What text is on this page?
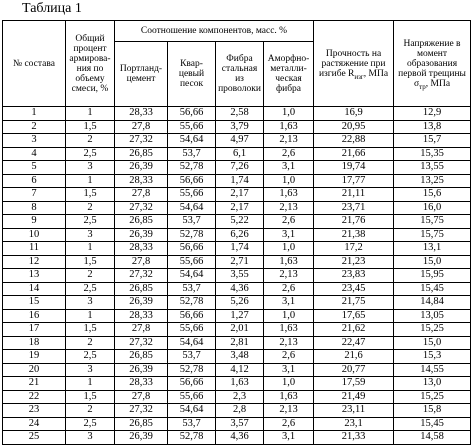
Таблица 1
№ состава	Общий процент армирова-ния по объему смеси, %	Соотношение компонентов, масс. %				Прочность на растяжение при изгибе $R_{изг}$, МПа	Напряжение в момент образования первой трещины $\sigma_{тр}$, МПа
		Портланд-цемент	Квар-цевый песок	Фибра стальная из проволоки	Аморфно-металли-ческая фибра		
1	1	28,33	56,66	2,58	1,0	16,9	12,9
2	1,5	27,8	55,66	3,79	1,63	20,95	13,8
3	2	27,32	54,64	4,97	2,13	22,88	15,7
4	2,5	26,85	53,7	6,1	2,6	21,66	15,35
5	3	26,39	52,78	7,26	3,1	19,74	13,55
6	1	28,33	56,66	1,74	1,0	17,77	13,25
7	1,5	27,8	55,66	2,17	1,63	21,11	15,6
8	2	27,32	54,64	2,17	2,13	23,71	16,0
9	2,5	26,85	53,7	5,22	2,6	21,76	15,75
10	3	26,39	52,78	6,26	3,1	21,38	15,75
11	1	28,33	56,66	1,74	1,0	17,2	13,1
12	1,5	27,8	55,66	2,71	1,63	21,23	15,0
13	2	27,32	54,64	3,55	2,13	23,83	15,95
14	2,5	26,85	53,7	4,36	2,6	23,45	15,45
15	3	26,39	52,78	5,26	3,1	21,75	14,84
16	1	28,33	56,66	1,27	1,0	17,65	13,05
17	1,5	27,8	55,66	2,01	1,63	21,62	15,25
18	2	27,32	54,64	2,81	2,13	22,47	15,0
19	2,5	26,85	53,7	3,48	2,6	21,6	15,3
20	3	26,39	52,78	4,12	3,1	20,77	14,55
21	1	28,33	56,66	1,63	1,0	17,59	13,0
22	1,5	27,8	55,66	2,3	1,63	21,49	15,25
23	2	27,32	54,64	2,8	2,13	23,11	15,8
24	2,5	26,85	53,7	3,57	2,6	23,1	15,45
25	3	26,39	52,78	4,36	3,1	21,33	14,58
